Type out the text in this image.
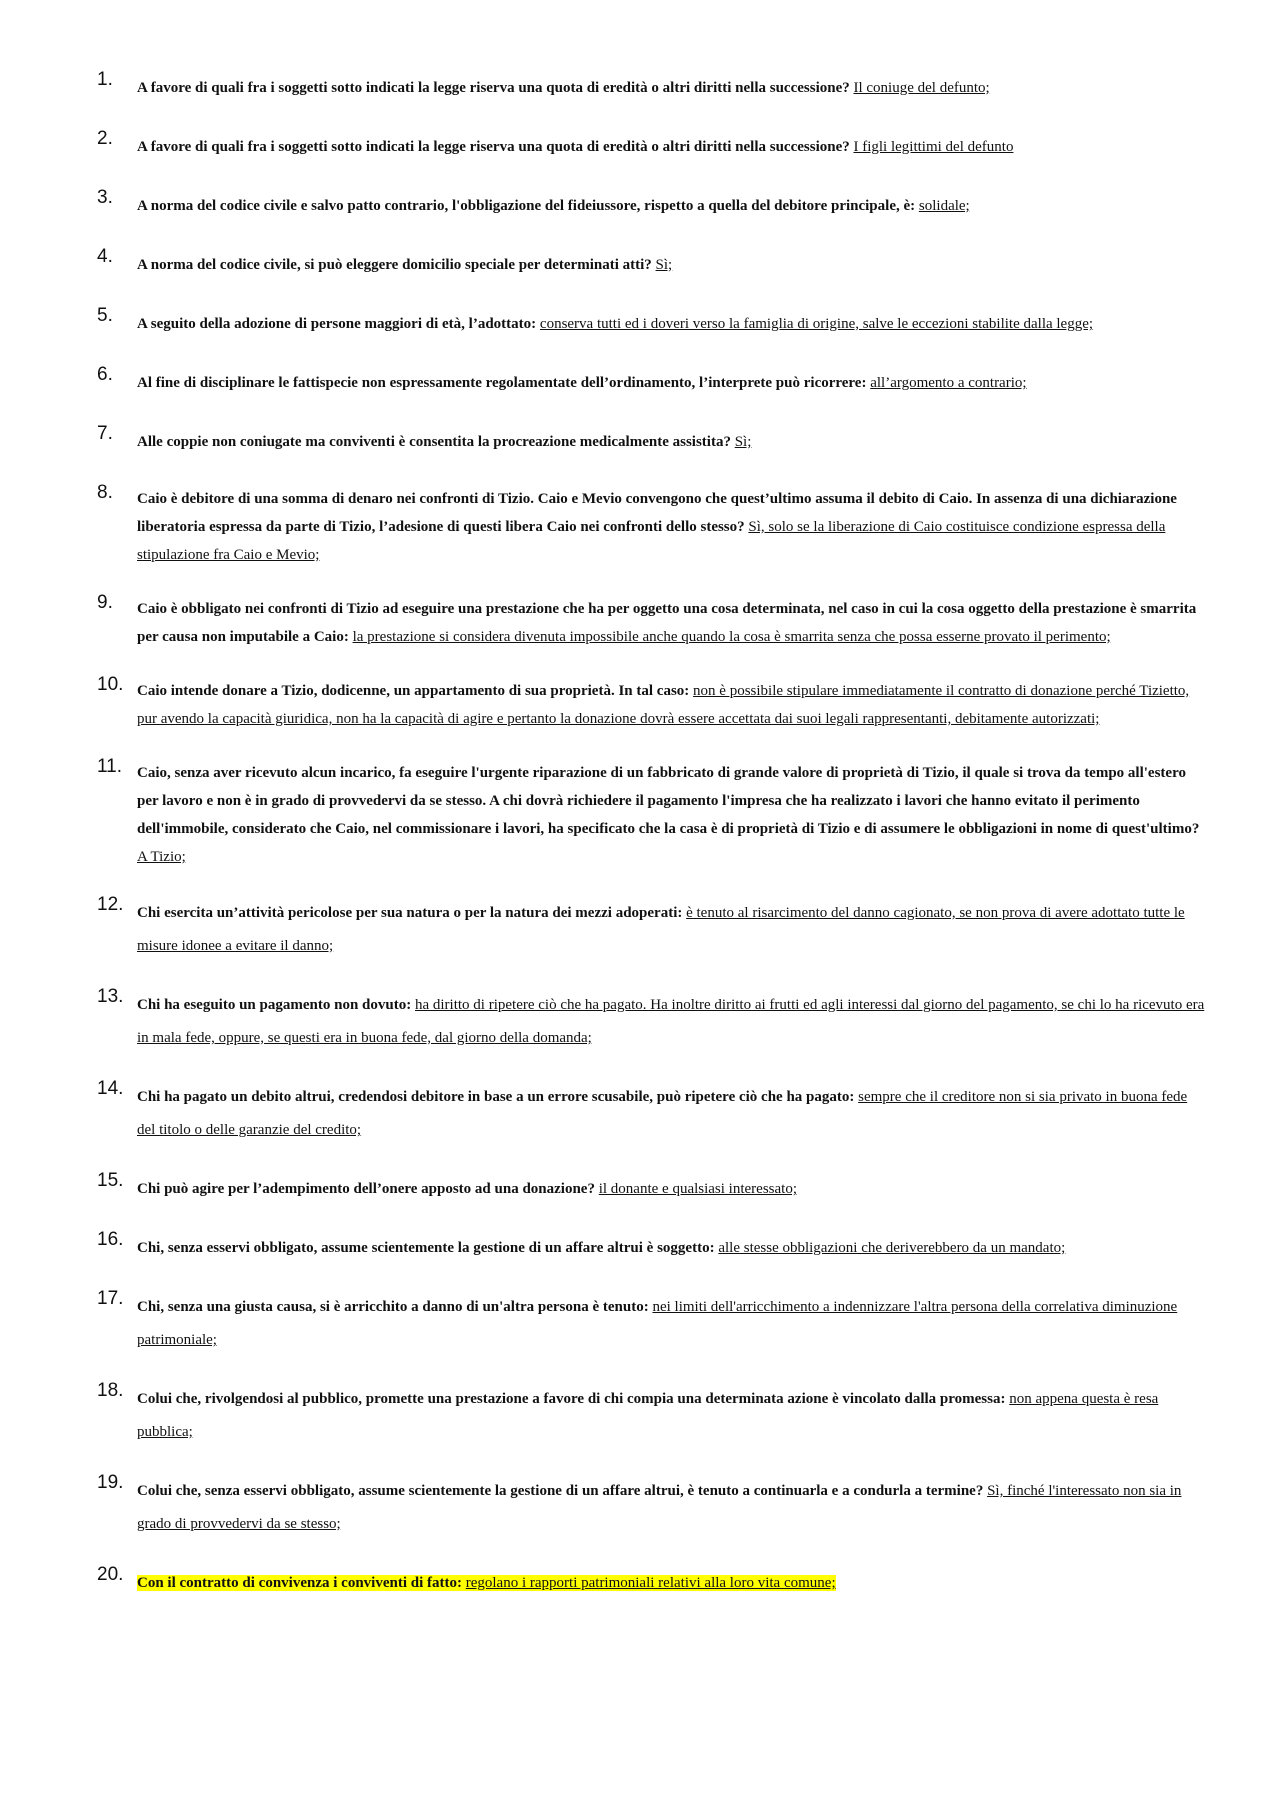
1.	A favore di quali fra i soggetti sotto indicati la legge riserva una quota di eredità o altri diritti nella successione? Il coniuge del defunto;
2.	A favore di quali fra i soggetti sotto indicati la legge riserva una quota di eredità o altri diritti nella successione? I figli legittimi del defunto
3.	A norma del codice civile e salvo patto contrario, l'obbligazione del fideiussore, rispetto a quella del debitore principale, è: solidale;
4.	A norma del codice civile, si può eleggere domicilio speciale per determinati atti? Sì;
5.	A seguito della adozione di persone maggiori di età, l’adottato: conserva tutti ed i doveri verso la famiglia di origine, salve le eccezioni stabilite dalla legge;
6.	Al fine di disciplinare le fattispecie non espressamente regolamentate dell’ordinamento, l’interprete può ricorrere: all’argomento a contrario;
7.	Alle coppie non coniugate ma conviventi è consentita la procreazione medicalmente assistita? Sì;
8.	Caio è debitore di una somma di denaro nei confronti di Tizio. Caio e Mevio convengono che quest’ultimo assuma il debito di Caio. In assenza di una dichiarazione liberatoria espressa da parte di Tizio, l’adesione di questi libera Caio nei confronti dello stesso? Sì, solo se la liberazione di Caio costituisce condizione espressa della stipulazione fra Caio e Mevio;
9.	Caio è obbligato nei confronti di Tizio ad eseguire una prestazione che ha per oggetto una cosa determinata, nel caso in cui la cosa oggetto della prestazione è smarrita per causa non imputabile a Caio: la prestazione si considera divenuta impossibile anche quando la cosa è smarrita senza che possa esserne provato il perimento;
10. Caio intende donare a Tizio, dodicenne, un appartamento di sua proprietà. In tal caso: non è possibile stipulare immediatamente il contratto di donazione perché Tizietto, pur avendo la capacità giuridica, non ha la capacità di agire e pertanto la donazione dovrà essere accettata dai suoi legali rappresentanti, debitamente autorizzati;
11. Caio, senza aver ricevuto alcun incarico, fa eseguire l'urgente riparazione di un fabbricato di grande valore di proprietà di Tizio, il quale si trova da tempo all'estero per lavoro e non è in grado di provvedervi da se stesso. A chi dovrà richiedere il pagamento l'impresa che ha realizzato i lavori che hanno evitato il perimento dell'immobile, considerato che Caio, nel commissionare i lavori, ha specificato che la casa è di proprietà di Tizio e di assumere le obbligazioni in nome di quest'ultimo? A Tizio;
12. Chi esercita un’attività pericolose per sua natura o per la natura dei mezzi adoperati: è tenuto al risarcimento del danno cagionato, se non prova di avere adottato tutte le misure idonee a evitare il danno;
13. Chi ha eseguito un pagamento non dovuto: ha diritto di ripetere ciò che ha pagato. Ha inoltre diritto ai frutti ed agli interessi dal giorno del pagamento, se chi lo ha ricevuto era in mala fede, oppure, se questi era in buona fede, dal giorno della domanda;
14. Chi ha pagato un debito altrui, credendosi debitore in base a un errore scusabile, può ripetere ciò che ha pagato: sempre che il creditore non si sia privato in buona fede del titolo o delle garanzie del credito;
15. Chi può agire per l’adempimento dell’onere apposto ad una donazione? il donante e qualsiasi interessato;
16. Chi, senza esservi obbligato, assume scientemente la gestione di un affare altrui è soggetto: alle stesse obbligazioni che deriverebbero da un mandato;
17. Chi, senza una giusta causa, si è arricchito a danno di un'altra persona è tenuto: nei limiti dell'arricchimento a indennizzare l'altra persona della correlativa diminuzione patrimoniale;
18. Colui che, rivolgendosi al pubblico, promette una prestazione a favore di chi compia una determinata azione è vincolato dalla promessa: non appena questa è resa pubblica;
19. Colui che, senza esservi obbligato, assume scientemente la gestione di un affare altrui, è tenuto a continuarla e a condurla a termine? Sì, finché l'interessato non sia in grado di provvedervi da se stesso;
20. Con il contratto di convivenza i conviventi di fatto: regolano i rapporti patrimoniali relativi alla loro vita comune;
